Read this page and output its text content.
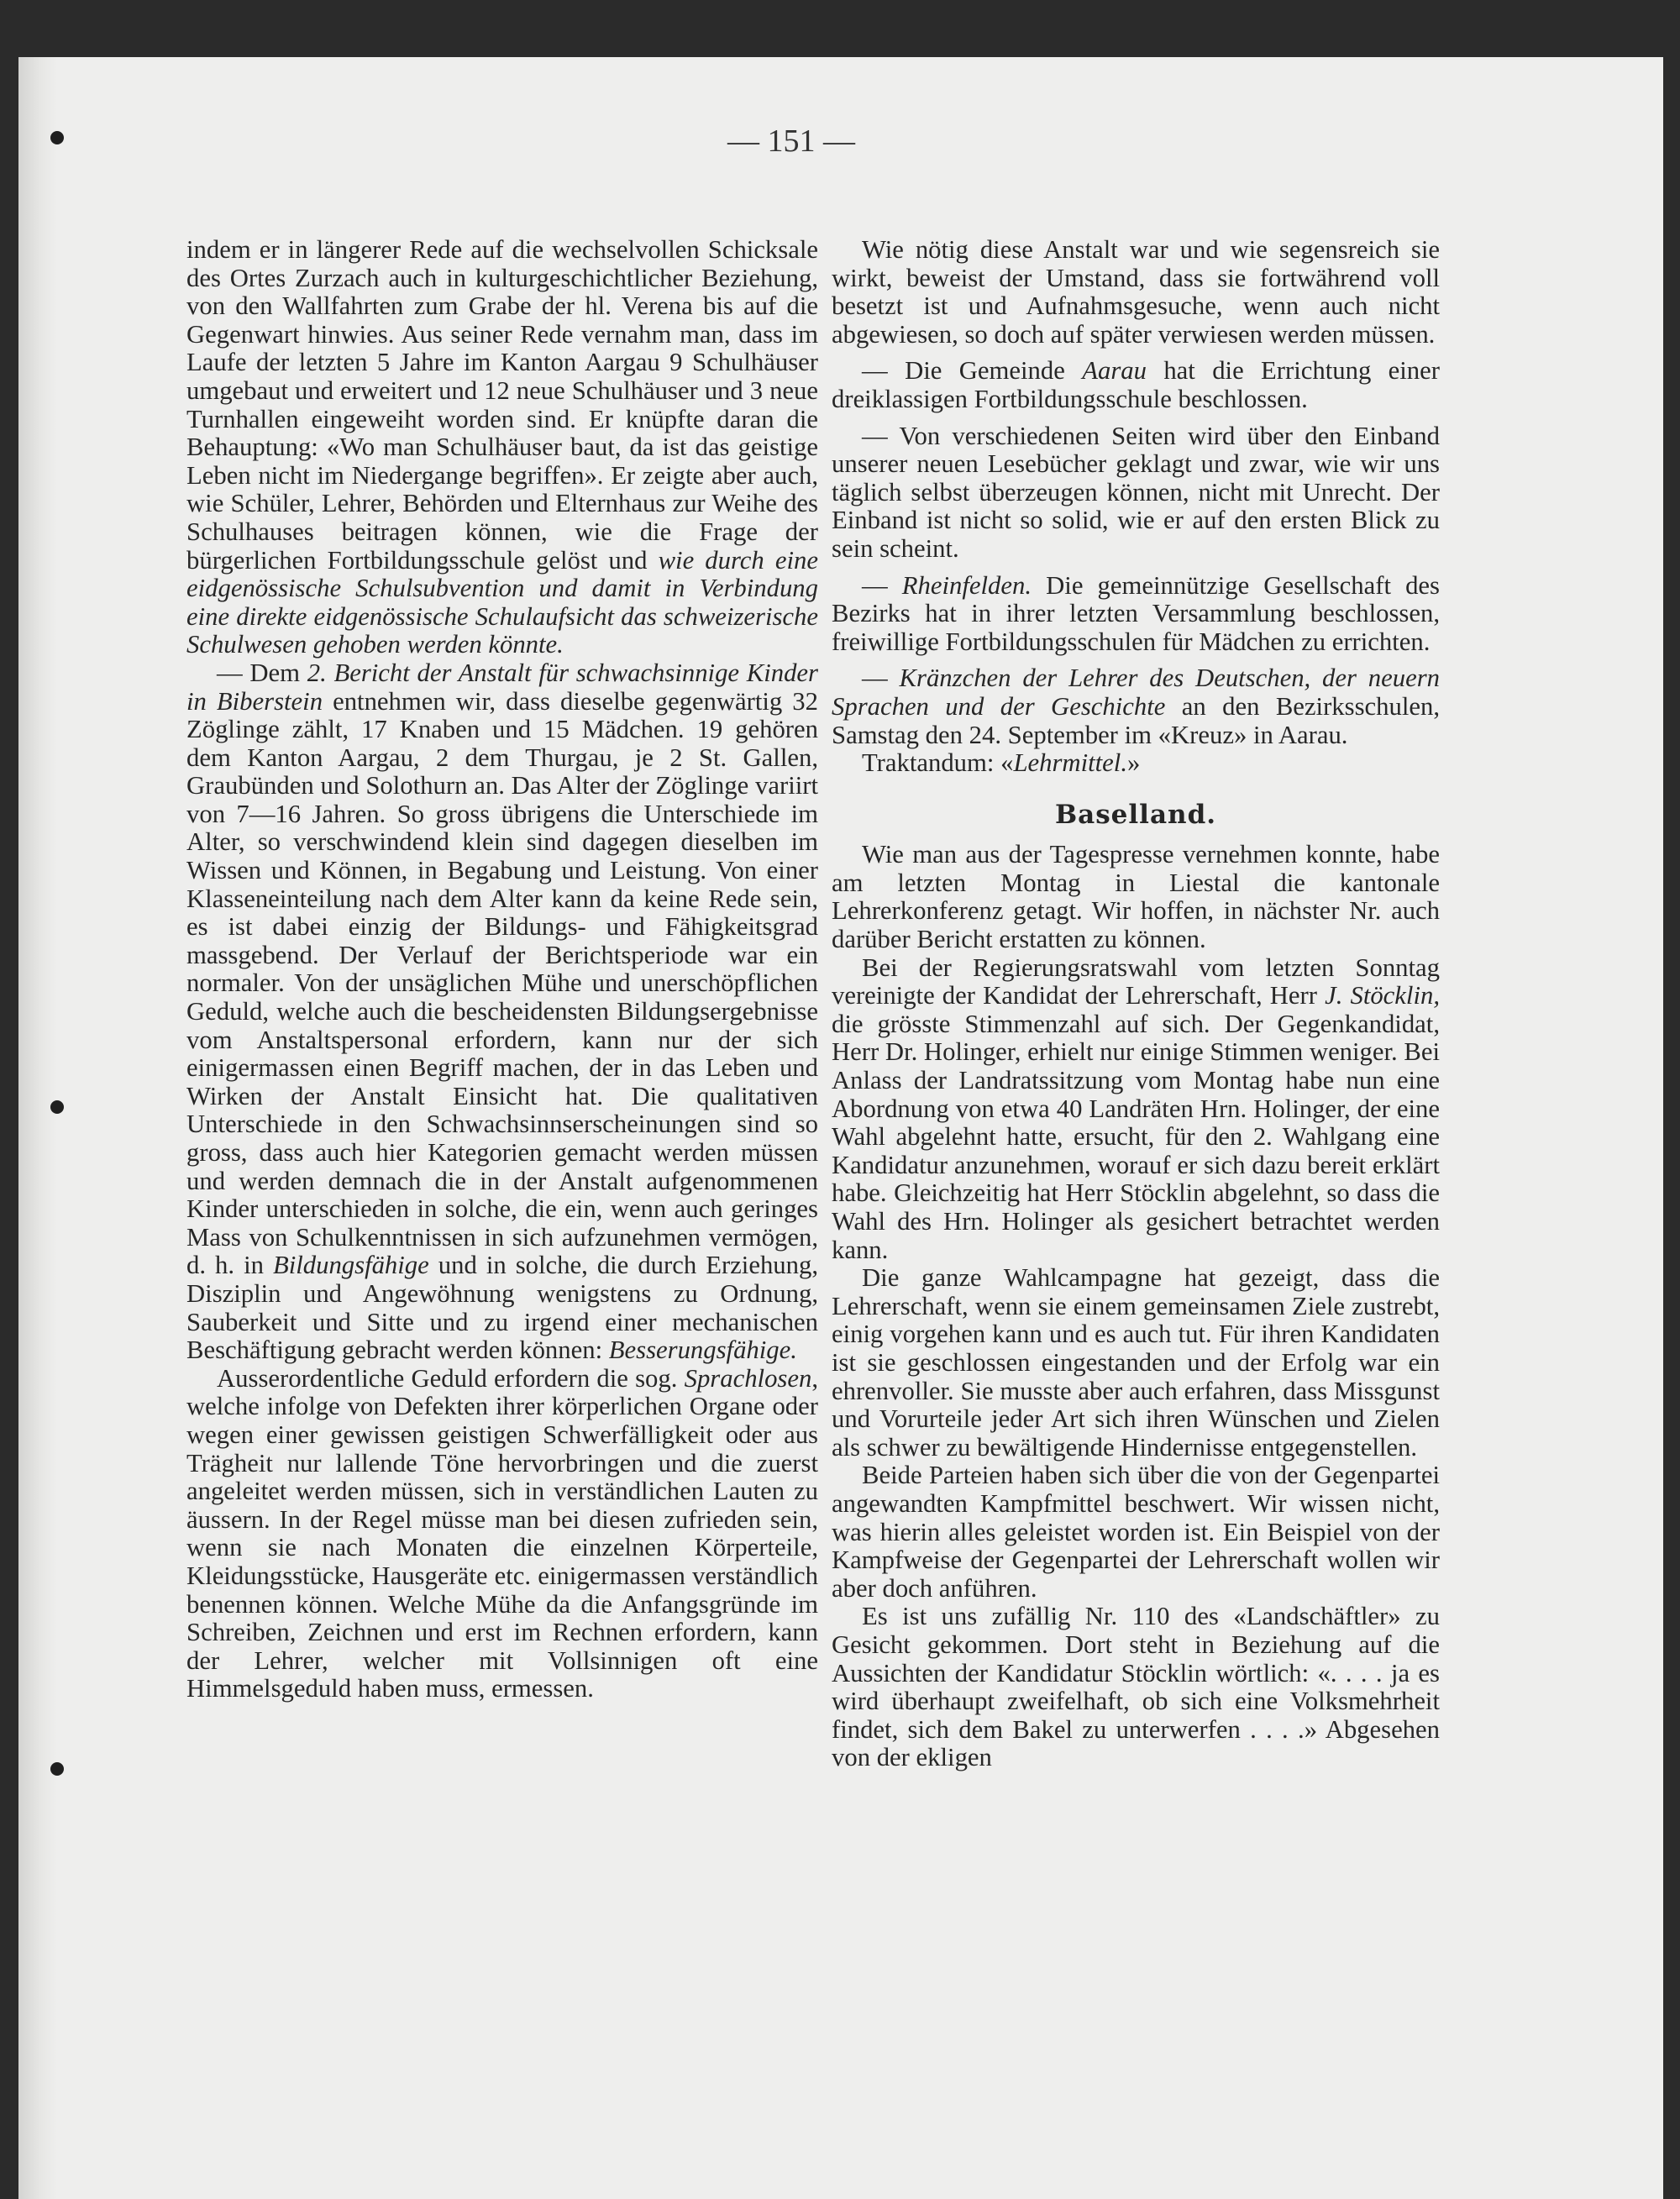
— 151 —

indem er in längerer Rede auf die wechselvollen Schicksale des Ortes Zurzach auch in kulturgeschichtlicher Beziehung, von den Wallfahrten zum Grabe der hl. Verena bis auf die Gegenwart hinwies. Aus seiner Rede vernahm man, dass im Laufe der letzten 5 Jahre im Kanton Aargau 9 Schulhäuser umgebaut und erweitert und 12 neue Schulhäuser und 3 neue Turnhallen eingeweiht worden sind. Er knüpfte daran die Behauptung: «Wo man Schulhäuser baut, da ist das geistige Leben nicht im Niedergange begriffen». Er zeigte aber auch, wie Schüler, Lehrer, Behörden und Elternhaus zur Weihe des Schulhauses beitragen können, wie die Frage der bürgerlichen Fortbildungsschule gelöst und wie durch eine eidgenössische Schulsubvention und damit in Verbindung eine direkte eidgenössische Schulaufsicht das schweizerische Schulwesen gehoben werden könnte.

— Dem 2. Bericht der Anstalt für schwachsinnige Kinder in Biberstein entnehmen wir, dass dieselbe gegenwärtig 32 Zöglinge zählt, 17 Knaben und 15 Mädchen. 19 gehören dem Kanton Aargau, 2 dem Thurgau, je 2 St. Gallen, Graubünden und Solothurn an. Das Alter der Zöglinge variirt von 7—16 Jahren. So gross übrigens die Unterschiede im Alter, so verschwindend klein sind dagegen dieselben im Wissen und Können, in Begabung und Leistung. Von einer Klasseneinteilung nach dem Alter kann da keine Rede sein, es ist dabei einzig der Bildungs- und Fähigkeitsgrad massgebend. Der Verlauf der Berichtsperiode war ein normaler. Von der unsäglichen Mühe und unerschöpflichen Geduld, welche auch die bescheidensten Bildungsergebnisse vom Anstaltspersonal erfordern, kann nur der sich einigermassen einen Begriff machen, der in das Leben und Wirken der Anstalt Einsicht hat. Die qualitativen Unterschiede in den Schwachsinnserscheinungen sind so gross, dass auch hier Kategorien gemacht werden müssen und werden demnach die in der Anstalt aufgenommenen Kinder unterschieden in solche, die ein, wenn auch geringes Mass von Schulkenntnissen in sich aufzunehmen vermögen, d. h. in Bildungsfähige und in solche, die durch Erziehung, Disziplin und Angewöhnung wenigstens zu Ordnung, Sauberkeit und Sitte und zu irgend einer mechanischen Beschäftigung gebracht werden können: Besserungsfähige.

Ausserordentliche Geduld erfordern die sog. Sprachlosen, welche infolge von Defekten ihrer körperlichen Organe oder wegen einer gewissen geistigen Schwerfälligkeit oder aus Trägheit nur lallende Töne hervorbringen und die zuerst angeleitet werden müssen, sich in verständlichen Lauten zu äussern. In der Regel müsse man bei diesen zufrieden sein, wenn sie nach Monaten die einzelnen Körperteile, Kleidungsstücke, Hausgeräte etc. einigermassen verständlich benennen können. Welche Mühe da die Anfangsgründe im Schreiben, Zeichnen und erst im Rechnen erfordern, kann der Lehrer, welcher mit Vollsinnigen oft eine Himmelsgeduld haben muss, ermessen.

Wie nötig diese Anstalt war und wie segensreich sie wirkt, beweist der Umstand, dass sie fortwährend voll besetzt ist und Aufnahmsgesuche, wenn auch nicht abgewiesen, so doch auf später verwiesen werden müssen.

— Die Gemeinde Aarau hat die Errichtung einer dreiklassigen Fortbildungsschule beschlossen.

— Von verschiedenen Seiten wird über den Einband unserer neuen Lesebücher geklagt und zwar, wie wir uns täglich selbst überzeugen können, nicht mit Unrecht. Der Einband ist nicht so solid, wie er auf den ersten Blick zu sein scheint.

— Rheinfelden. Die gemeinnützige Gesellschaft des Bezirks hat in ihrer letzten Versammlung beschlossen, freiwillige Fortbildungsschulen für Mädchen zu errichten.

— Kränzchen der Lehrer des Deutschen, der neuern Sprachen und der Geschichte an den Bezirksschulen, Samstag den 24. September im «Kreuz» in Aarau.

Traktandum: «Lehrmittel.»

Baselland.

Wie man aus der Tagespresse vernehmen konnte, habe am letzten Montag in Liestal die kantonale Lehrerkonferenz getagt. Wir hoffen, in nächster Nr. auch darüber Bericht erstatten zu können.

Bei der Regierungsratswahl vom letzten Sonntag vereinigte der Kandidat der Lehrerschaft, Herr J. Stöcklin, die grösste Stimmenzahl auf sich. Der Gegenkandidat, Herr Dr. Holinger, erhielt nur einige Stimmen weniger. Bei Anlass der Landratssitzung vom Montag habe nun eine Abordnung von etwa 40 Landräten Hrn. Holinger, der eine Wahl abgelehnt hatte, ersucht, für den 2. Wahlgang eine Kandidatur anzunehmen, worauf er sich dazu bereit erklärt habe. Gleichzeitig hat Herr Stöcklin abgelehnt, so dass die Wahl des Hrn. Holinger als gesichert betrachtet werden kann.

Die ganze Wahlcampagne hat gezeigt, dass die Lehrerschaft, wenn sie einem gemeinsamen Ziele zustrebt, einig vorgehen kann und es auch tut. Für ihren Kandidaten ist sie geschlossen eingestanden und der Erfolg war ein ehrenvoller. Sie musste aber auch erfahren, dass Missgunst und Vorurteile jeder Art sich ihren Wünschen und Zielen als schwer zu bewältigende Hindernisse entgegenstellen.

Beide Parteien haben sich über die von der Gegenpartei angewandten Kampfmittel beschwert. Wir wissen nicht, was hierin alles geleistet worden ist. Ein Beispiel von der Kampfweise der Gegenpartei der Lehrerschaft wollen wir aber doch anführen.

Es ist uns zufällig Nr. 110 des «Landschäftler» zu Gesicht gekommen. Dort steht in Beziehung auf die Aussichten der Kandidatur Stöcklin wörtlich: «. . . . ja es wird überhaupt zweifelhaft, ob sich eine Volksmehrheit findet, sich dem Bakel zu unterwerfen . . . .» Abgesehen von der ekligen
